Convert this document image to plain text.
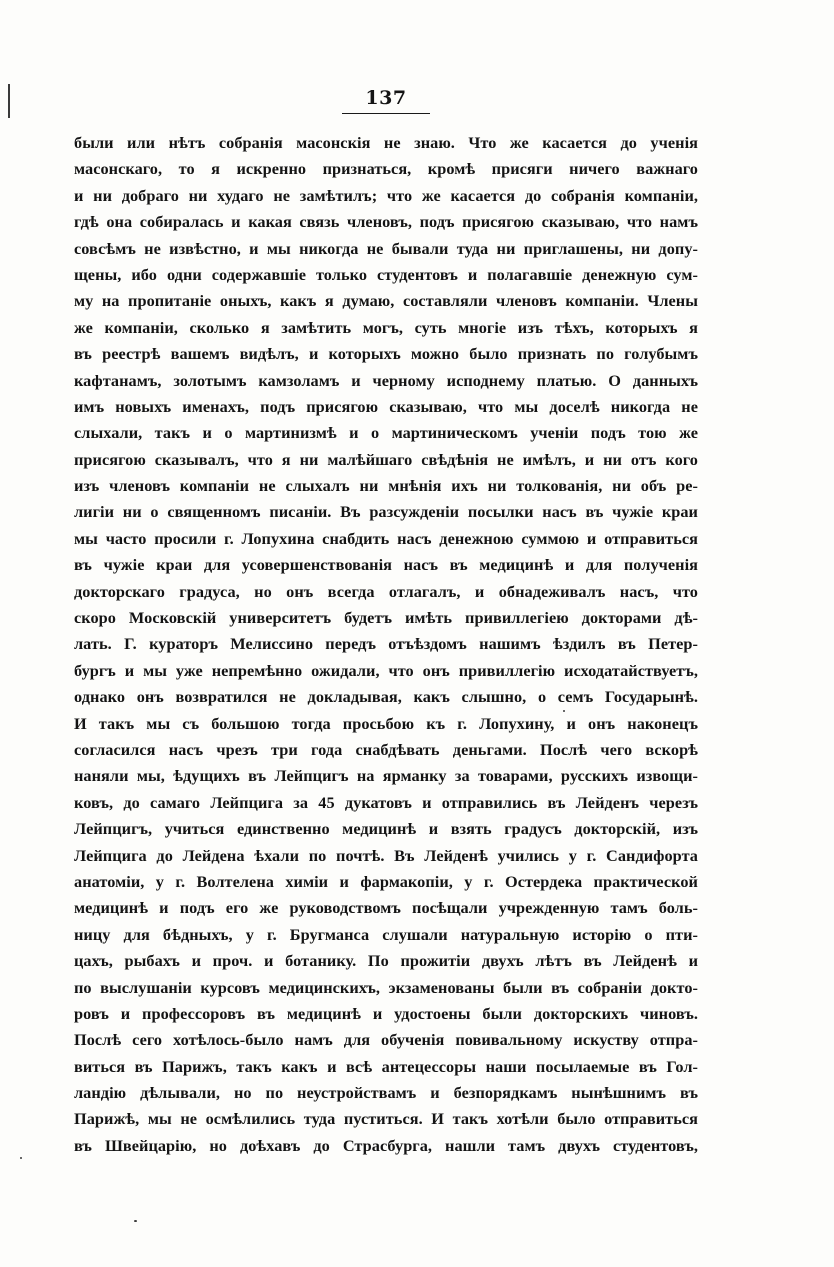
137
были или нѣтъ собранія масонскія не знаю. Что же касается до ученія
масонскаго, то я искренно признаться, кромѣ присяги ничего важнаго
и ни добраго ни худаго не замѣтилъ; что же касается до собранія компаніи,
гдѣ она собиралась и какая связь членовъ, подъ присягою сказываю, что намъ
совсѣмъ не извѣстно, и мы никогда не бывали туда ни приглашены, ни допу-
щены, ибо одни содержавшіе только студентовъ и полагавшіе денежную сум-
му на пропитаніе оныхъ, какъ я думаю, составляли членовъ компаніи. Члены
же компаніи, сколько я замѣтить могъ, суть многіе изъ тѣхъ, которыхъ я
въ реестрѣ вашемъ видѣлъ, и которыхъ можно было признать по голубымъ
кафтанамъ, золотымъ камзоламъ и черному исподнему платью. О данныхъ
имъ новыхъ именахъ, подъ присягою сказываю, что мы доселѣ никогда не
слыхали, такъ и о мартинизмѣ и о мартиническомъ ученіи подъ тою же
присягою сказывалъ, что я ни малѣйшаго свѣдѣнія не имѣлъ, и ни отъ кого
изъ членовъ компаніи не слыхалъ ни мнѣнія ихъ ни толкованія, ни объ ре-
лигіи ни о священномъ писаніи. Въ разсужденіи посылки насъ въ чужіе краи
мы часто просили г. Лопухина снабдить насъ денежною суммою и отправиться
въ чужіе краи для усовершенствованія насъ въ медицинѣ и для полученія
докторскаго градуса, но онъ всегда отлагалъ, и обнадеживалъ насъ, что
скоро Московскій университетъ будетъ имѣть привиллегіею докторами дѣ-
лать. Г. кураторъ Мелиссино передъ отъѣздомъ нашимъ ѣздилъ въ Петер-
бургъ и мы уже непремѣнно ожидали, что онъ привиллегію исходатайствуетъ,
однако онъ возвратился не докладывая, какъ слышно, о семъ Государынѣ.
И такъ мы съ большою тогда просьбою къ г. Лопухину, и онъ наконецъ
согласился насъ чрезъ три года снабдѣвать деньгами. Послѣ чего вскорѣ
наняли мы, ѣдущихъ въ Лейпцигъ на ярманку за товарами, русскихъ извощи-
ковъ, до самаго Лейпцига за 45 дукатовъ и отправились въ Лейденъ черезъ
Лейпцигъ, учиться единственно медицинѣ и взять градусъ докторскій, изъ
Лейпцига до Лейдена ѣхали по почтѣ. Въ Лейденѣ учились у г. Сандифорта
анатоміи, у г. Волтелена химіи и фармакопіи, у г. Остердека практической
медицинѣ и подъ его же руководствомъ посѣщали учрежденную тамъ боль-
ницу для бѣдныхъ, у г. Бругманса слушали натуральную исторію о пти-
цахъ, рыбахъ и проч. и ботанику. По прожитіи двухъ лѣтъ въ Лейденѣ и
по выслушаніи курсовъ медицинскихъ, экзаменованы были въ собраніи докто-
ровъ и профессоровъ въ медицинѣ и удостоены были докторскихъ чиновъ.
Послѣ сего хотѣлось-было намъ для обученія повивальному искуству отпра-
виться въ Парижъ, такъ какъ и всѣ антецессоры наши посылаемые въ Гол-
ландію дѣлывали, но по неустройствамъ и безпорядкамъ нынѣшнимъ въ
Парижѣ, мы не осмѣлились туда пуститься. И такъ хотѣли было отправиться
въ Швейцарію, но доѣхавъ до Страсбурга, нашли тамъ двухъ студентовъ,
